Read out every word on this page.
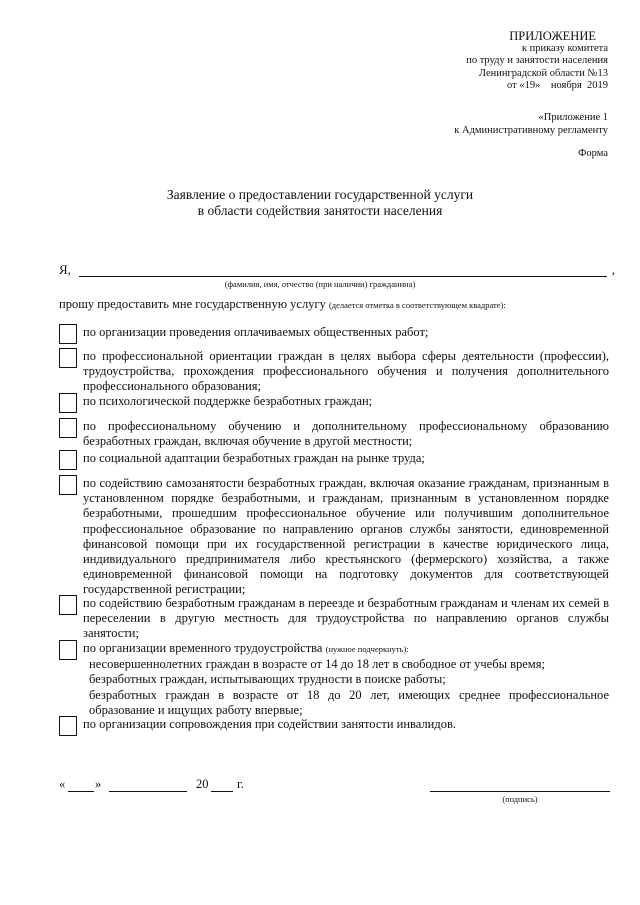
ПРИЛОЖЕНИЕ
к приказу комитета
по труду и занятости населения
Ленинградской области №13
от «19»    ноября  2019
«Приложение 1
к Административному регламенту
Форма
Заявление о предоставлении государственной услуги
в области содействия занятости населения
Я,	,
(фамилия, имя, отчество (при наличии) гражданина)
прошу предоставить мне государственную услугу (делается отметка в соответствующем квадрате):
по организации проведения оплачиваемых общественных работ;
по профессиональной ориентации граждан в целях выбора сферы деятельности (профессии), трудоустройства, прохождения профессионального обучения и получения дополнительного профессионального образования;
по психологической поддержке безработных граждан;
по профессиональному обучению и дополнительному профессиональному образованию безработных граждан, включая обучение в другой местности;
по социальной адаптации безработных граждан на рынке труда;
по содействию самозанятости безработных граждан, включая оказание гражданам, признанным в установленном порядке безработными, и гражданам, признанным в установленном порядке безработными, прошедшим профессиональное обучение или получившим дополнительное профессиональное образование по направлению органов службы занятости, единовременной финансовой помощи при их государственной регистрации в качестве юридического лица, индивидуального предпринимателя либо крестьянского (фермерского) хозяйства, а также единовременной финансовой помощи на подготовку документов для соответствующей государственной регистрации;
по содействию безработным гражданам в переезде и безработным гражданам и членам их семей в переселении в другую местность для трудоустройства по направлению органов службы занятости;
по организации временного трудоустройства (нужное подчеркнуть):
несовершеннолетних граждан в возрасте от 14 до 18 лет в свободное от учебы время;
безработных граждан, испытывающих трудности в поиске работы;
безработных граждан в возрасте от 18 до 20 лет, имеющих среднее профессиональное образование и ищущих работу впервые;
по организации сопровождения при содействии занятости инвалидов.
« »	20 г.
(подпись)
